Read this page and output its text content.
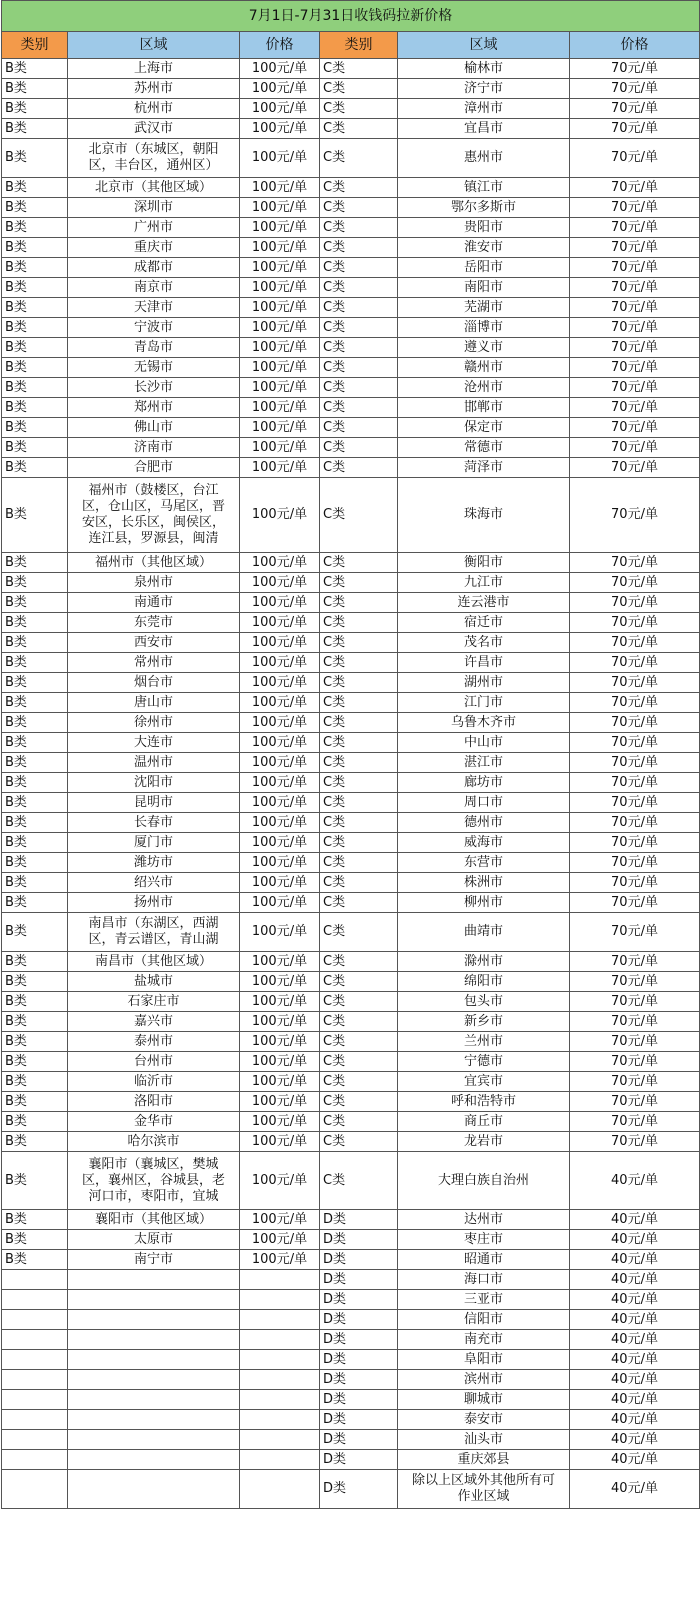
7月1日-7月31日收钱码拉新价格					
类别	区域	价格	类别	区域	价格

B类	上海市	100元/单	C类	榆林市	70元/单

B类	苏州市	100元/单	C类	济宁市	70元/单

B类	杭州市	100元/单	C类	漳州市	70元/单

B类	武汉市	100元/单	C类	宜昌市	70元/单

B类	北京市（东城区，朝阳
区，丰台区，通州区）	100元/单	C类	惠州市	70元/单

B类	北京市（其他区域）	100元/单	C类	镇江市	70元/单

B类	深圳市	100元/单	C类	鄂尔多斯市	70元/单

B类	广州市	100元/单	C类	贵阳市	70元/单

B类	重庆市	100元/单	C类	淮安市	70元/单

B类	成都市	100元/单	C类	岳阳市	70元/单

B类	南京市	100元/单	C类	南阳市	70元/单

B类	天津市	100元/单	C类	芜湖市	70元/单

B类	宁波市	100元/单	C类	淄博市	70元/单

B类	青岛市	100元/单	C类	遵义市	70元/单

B类	无锡市	100元/单	C类	赣州市	70元/单

B类	长沙市	100元/单	C类	沧州市	70元/单

B类	郑州市	100元/单	C类	邯郸市	70元/单

B类	佛山市	100元/单	C类	保定市	70元/单

B类	济南市	100元/单	C类	常德市	70元/单

B类	合肥市	100元/单	C类	菏泽市	70元/单

B类	福州市（鼓楼区，台江
区，仓山区，马尾区，晋
安区，长乐区，闽侯区，
连江县，罗源县，闽清	100元/单	C类	珠海市	70元/单

B类	福州市（其他区域）	100元/单	C类	衡阳市	70元/单

B类	泉州市	100元/单	C类	九江市	70元/单

B类	南通市	100元/单	C类	连云港市	70元/单

B类	东莞市	100元/单	C类	宿迁市	70元/单

B类	西安市	100元/单	C类	茂名市	70元/单

B类	常州市	100元/单	C类	许昌市	70元/单

B类	烟台市	100元/单	C类	湖州市	70元/单

B类	唐山市	100元/单	C类	江门市	70元/单

B类	徐州市	100元/单	C类	乌鲁木齐市	70元/单

B类	大连市	100元/单	C类	中山市	70元/单

B类	温州市	100元/单	C类	湛江市	70元/单

B类	沈阳市	100元/单	C类	廊坊市	70元/单

B类	昆明市	100元/单	C类	周口市	70元/单

B类	长春市	100元/单	C类	德州市	70元/单

B类	厦门市	100元/单	C类	威海市	70元/单

B类	潍坊市	100元/单	C类	东营市	70元/单

B类	绍兴市	100元/单	C类	株洲市	70元/单

B类	扬州市	100元/单	C类	柳州市	70元/单

B类	南昌市（东湖区，西湖
区，青云谱区，青山湖	100元/单	C类	曲靖市	70元/单

B类	南昌市（其他区域）	100元/单	C类	滁州市	70元/单

B类	盐城市	100元/单	C类	绵阳市	70元/单

B类	石家庄市	100元/单	C类	包头市	70元/单

B类	嘉兴市	100元/单	C类	新乡市	70元/单

B类	泰州市	100元/单	C类	兰州市	70元/单

B类	台州市	100元/单	C类	宁德市	70元/单

B类	临沂市	100元/单	C类	宜宾市	70元/单

B类	洛阳市	100元/单	C类	呼和浩特市	70元/单

B类	金华市	100元/单	C类	商丘市	70元/单

B类	哈尔滨市	100元/单	C类	龙岩市	70元/单

B类	襄阳市（襄城区，樊城
区，襄州区，谷城县，老
河口市，枣阳市，宜城	100元/单	C类	大理白族自治州	40元/单

B类	襄阳市（其他区域）	100元/单	D类	达州市	40元/单

B类	太原市	100元/单	D类	枣庄市	40元/单

B类	南宁市	100元/单	D类	昭通市	40元/单

			D类	海口市	40元/单

			D类	三亚市	40元/单

			D类	信阳市	40元/单

			D类	南充市	40元/单

			D类	阜阳市	40元/单

			D类	滨州市	40元/单

			D类	聊城市	40元/单

			D类	泰安市	40元/单

			D类	汕头市	40元/单

			D类	重庆郊县	40元/单

			D类	除以上区域外其他所有可
作业区域	40元/单
